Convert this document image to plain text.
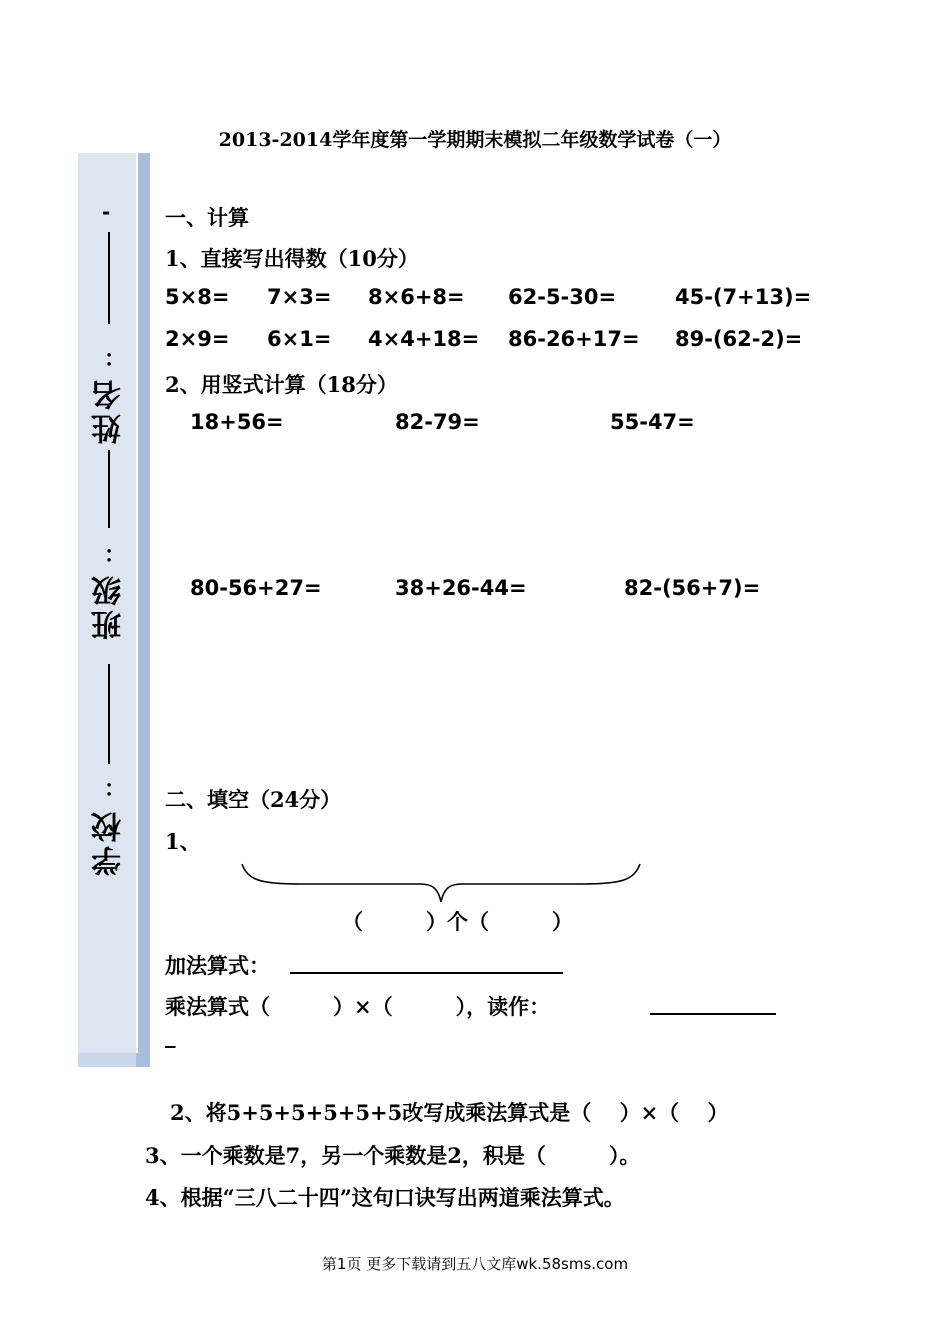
2013-2014学年度第一学期期末模拟二年级数学试卷（一）
-
：
姓名
：
班级
：
学校
一、计算
1、直接写出得数（10分）
5×8= 7×3= 8×6+8= 62-5-30=	45-(7+13)=
2×9= 6×1= 4×4+18= 86-26+17= 89-(62-2)=
2、用竖式计算（18分）
18+56=	82-79=	55-47=
80-56+27=	38+26-44=	82-(56+7)=
二、填空（24分）
1、
（　　　）个（　　　）
加法算式： __________________________
乘法算式（　　　）×（　　　），读作：	____________
_
2、将5+5+5+5+5+5改写成乘法算式是（　 ）×（　 ）
3、一个乘数是7，另一个乘数是2，积是（　　　）。
4、根据“三八二十四”这句口诀写出两道乘法算式。
第1页 更多下载请到五八文库wk.58sms.com
